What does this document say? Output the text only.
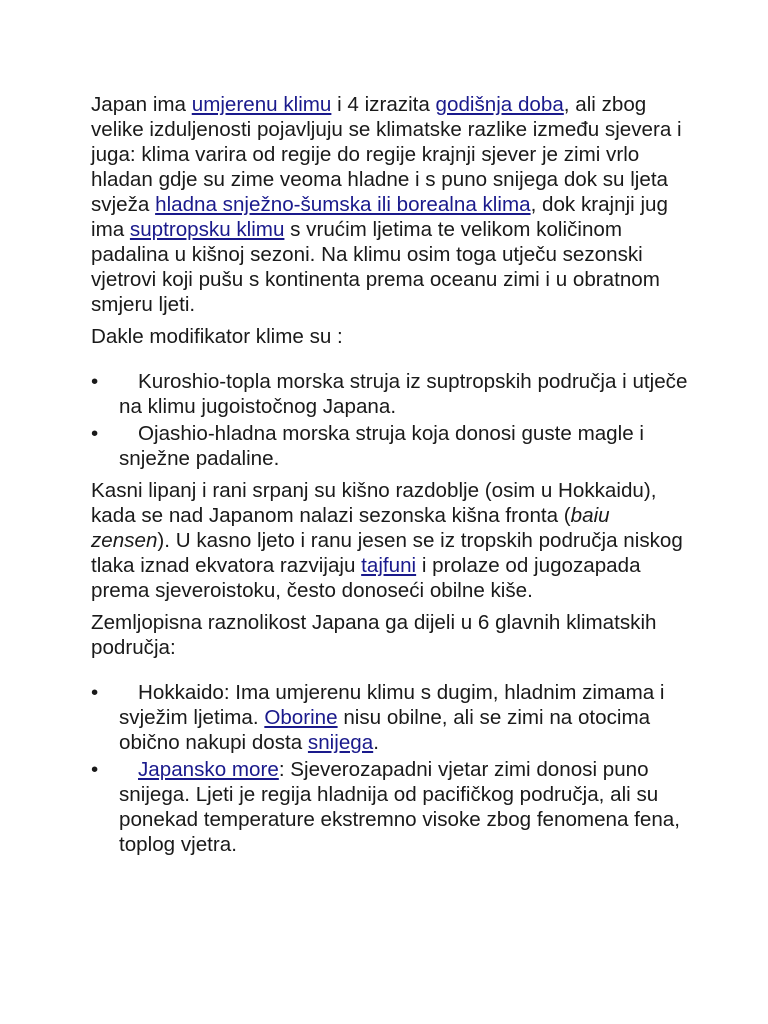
Japan ima umjerenu klimu i 4 izrazita godišnja doba, ali zbog velike izduljenosti pojavljuju se klimatske razlike između sjevera i juga: klima varira od regije do regije krajnji sjever je zimi vrlo hladan gdje su zime veoma hladne i s puno snijega dok su ljeta svježa hladna snježno-šumska ili borealna klima, dok krajnji jug ima suptropsku klimu s vrućim ljetima te velikom količinom padalina u kišnoj sezoni. Na klimu osim toga utječu sezonski vjetrovi koji pušu s kontinenta prema oceanu zimi i u obratnom smjeru ljeti.

Dakle modifikator klime su :

•	Kuroshio-topla morska struja iz suptropskih područja i utječe na klimu jugoistočnog Japana.
•	Ojashio-hladna morska struja koja donosi guste magle i snježne padaline.

Kasni lipanj i rani srpanj su kišno razdoblje (osim u Hokkaidu), kada se nad Japanom nalazi sezonska kišna fronta (baiu zensen). U kasno ljeto i ranu jesen se iz tropskih područja niskog tlaka iznad ekvatora razvijaju tajfuni i prolaze od jugozapada prema sjeveroistoku, često donoseći obilne kiše.

Zemljopisna raznolikost Japana ga dijeli u 6 glavnih klimatskih područja:

•	Hokkaido: Ima umjerenu klimu s dugim, hladnim zimama i svježim ljetima. Oborine nisu obilne, ali se zimi na otocima obično nakupi dosta snijega.
•	Japansko more: Sjeverozapadni vjetar zimi donosi puno snijega. Ljeti je regija hladnija od pacifičkog područja, ali su ponekad temperature ekstremno visoke zbog fenomena fena, toplog vjetra.
